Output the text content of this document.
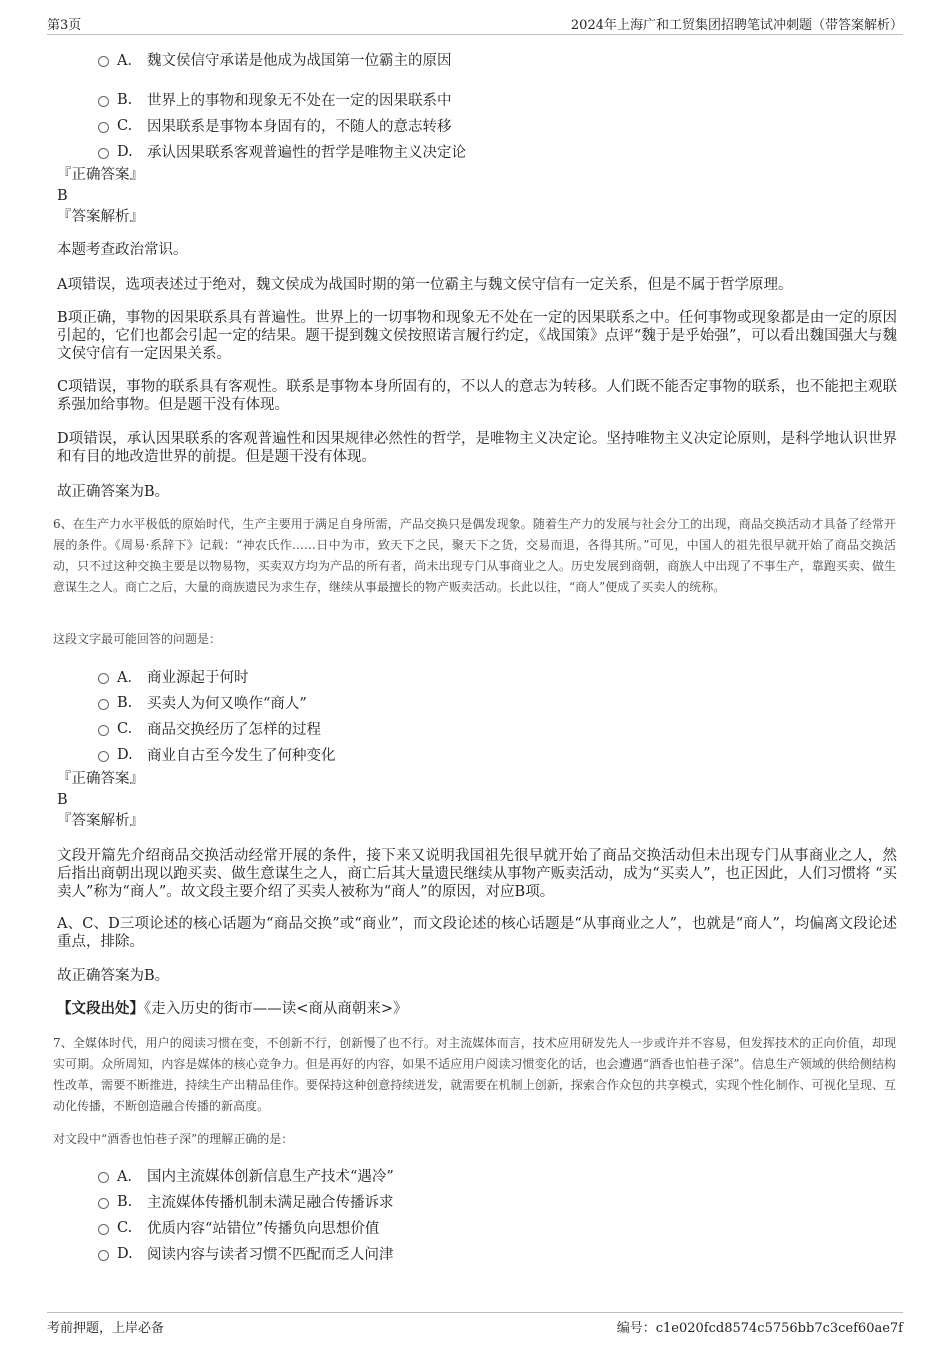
第3页	2024年上海广和工贸集团招聘笔试冲刺题（带答案解析）
A． 魏文侯信守承诺是他成为战国第一位霸主的原因
B.	世界上的事物和现象无不处在一定的因果联系中
C.	因果联系是事物本身固有的，不随人的意志转移
D. 承认因果联系客观普遍性的哲学是唯物主义决定论
『正确答案』
B
『答案解析』
本题考查政治常识。
A项错误，选项表述过于绝对，魏文侯成为战国时期的第一位霸主与魏文侯守信有一定关系，但是不属于哲学原理。
B项正确，事物的因果联系具有普遍性。世界上的一切事物和现象无不处在一定的因果联系之中。任何事物或现象都是由一定的原因引起的，它们也都会引起一定的结果。题干提到魏文侯按照诺言履行约定，《战国策》点评“魏于是乎始强”，可以看出魏国强大与魏文侯守信有一定因果关系。
C项错误，事物的联系具有客观性。联系是事物本身所固有的，不以人的意志为转移。人们既不能否定事物的联系，也不能把主观联系强加给事物。但是题干没有体现。
D项错误，承认因果联系的客观普遍性和因果规律必然性的哲学，是唯物主义决定论。坚持唯物主义决定论原则，是科学地认识世界和有目的地改造世界的前提。但是题干没有体现。
故正确答案为B。
6、在生产力水平极低的原始时代，生产主要用于满足自身所需，产品交换只是偶发现象。随着生产力的发展与社会分工的出现，商品交换活动才具备了经常开展的条件。《周易·系辞下》记载：“神农氏作……日中为市，致天下之民，聚天下之货，交易而退，各得其所。”可见，中国人的祖先很早就开始了商品交换活动，只不过这种交换主要是以物易物，买卖双方均为产品的所有者，尚未出现专门从事商业之人。历史发展到商朝，商族人中出现了不事生产，靠跑买卖、做生意谋生之人。商亡之后，大量的商族遗民为求生存，继续从事最擅长的物产贩卖活动。长此以往，“商人”便成了买卖人的统称。
这段文字最可能回答的问题是：
A． 商业源起于何时
B.	买卖人为何又唤作“商人”
C.	商品交换经历了怎样的过程
D. 商业自古至今发生了何种变化
『正确答案』
B
『答案解析』
文段开篇先介绍商品交换活动经常开展的条件，接下来又说明我国祖先很早就开始了商品交换活动但未出现专门从事商业之人，然后指出商朝出现以跑买卖、做生意谋生之人，商亡后其大量遗民继续从事物产贩卖活动，成为“买卖人”，也正因此，人们习惯将 “买卖人”称为“商人”。故文段主要介绍了买卖人被称为“商人”的原因，对应B项。
A、C、D三项论述的核心话题为“商品交换”或“商业”，而文段论述的核心话题是“从事商业之人”，也就是“商人”，均偏离文段论述重点，排除。
故正确答案为B。
【文段出处】《走入历史的街市——读<商从商朝来>》
7、全媒体时代，用户的阅读习惯在变，不创新不行，创新慢了也不行。对主流媒体而言，技术应用研发先人一步或许并不容易，但发挥技术的正向价值，却现实可期。众所周知，内容是媒体的核心竞争力。但是再好的内容，如果不适应用户阅读习惯变化的话，也会遭遇“酒香也怕巷子深”。信息生产领域的供给侧结构性改革，需要不断推进，持续生产出精品佳作。要保持这种创意持续迸发，就需要在机制上创新，探索合作众包的共享模式，实现个性化制作、可视化呈现、互动化传播，不断创造融合传播的新高度。
对文段中“酒香也怕巷子深”的理解正确的是：
A． 国内主流媒体创新信息生产技术“遇冷”
B.	主流媒体传播机制未满足融合传播诉求
C.	优质内容“站错位”传播负向思想价值
D. 阅读内容与读者习惯不匹配而乏人问津
考前押题，上岸必备	编号：c1e020fcd8574c5756bb7c3cef60ae7f
